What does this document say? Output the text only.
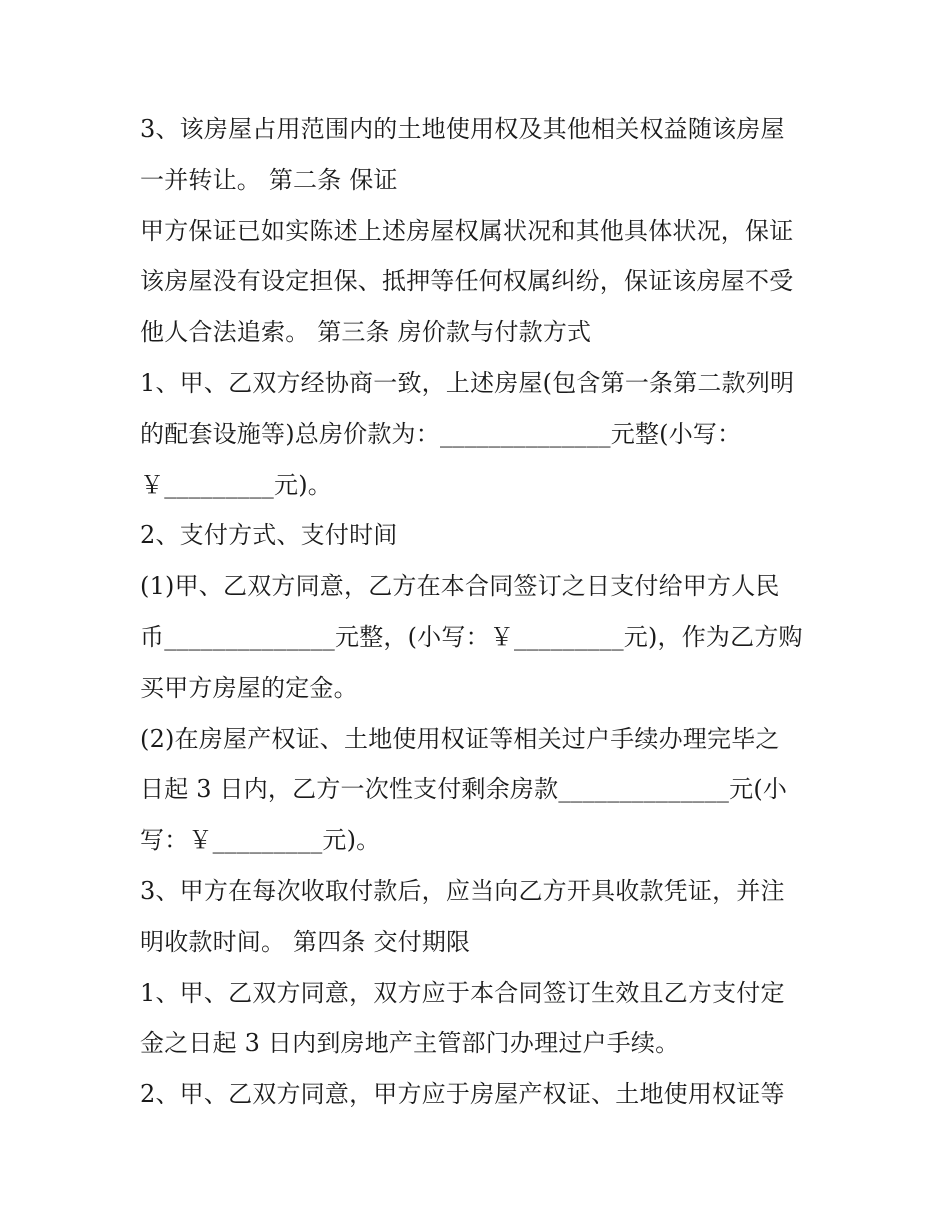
3、该房屋占用范围内的土地使用权及其他相关权益随该房屋
一并转让。 第二条 保证
甲方保证已如实陈述上述房屋权属状况和其他具体状况，保证
该房屋没有设定担保、抵押等任何权属纠纷，保证该房屋不受
他人合法追索。 第三条 房价款与付款方式
1、甲、乙双方经协商一致，上述房屋(包含第一条第二款列明
的配套设施等)总房价款为：______________元整(小写：
￥_________元)。
2、支付方式、支付时间
(1)甲、乙双方同意，乙方在本合同签订之日支付给甲方人民
币______________元整，(小写：￥_________元)，作为乙方购
买甲方房屋的定金。
(2)在房屋产权证、土地使用权证等相关过户手续办理完毕之
日起 3 日内，乙方一次性支付剩余房款______________元(小
写：￥_________元)。
3、甲方在每次收取付款后，应当向乙方开具收款凭证，并注
明收款时间。 第四条 交付期限
1、甲、乙双方同意，双方应于本合同签订生效且乙方支付定
金之日起 3 日内到房地产主管部门办理过户手续。
2、甲、乙双方同意，甲方应于房屋产权证、土地使用权证等
